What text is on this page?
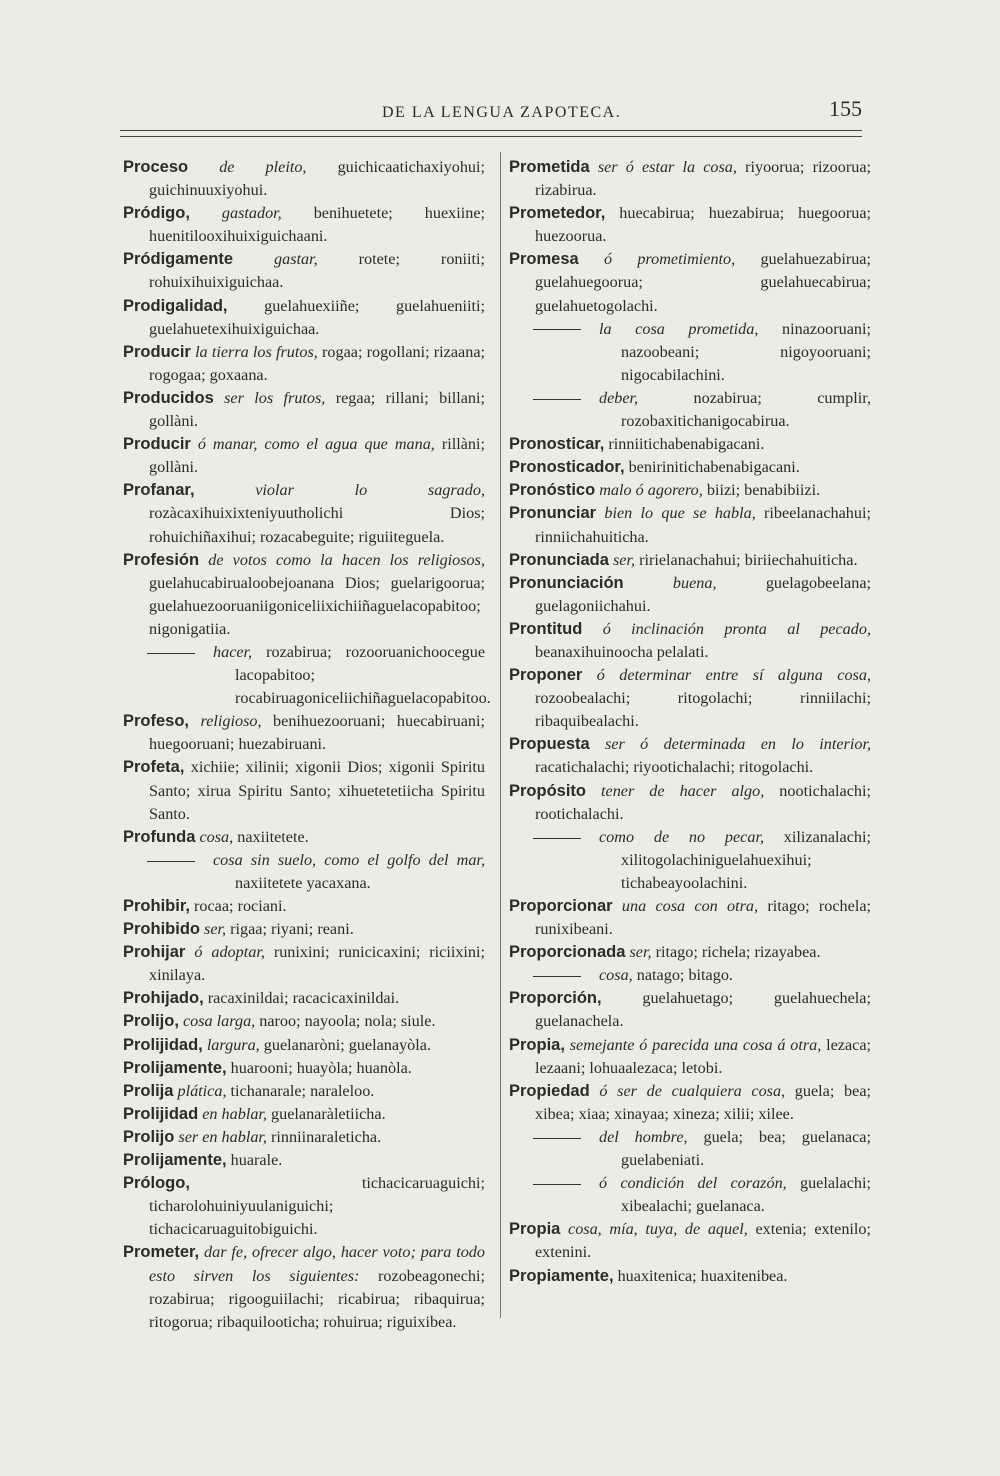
DE LA LENGUA ZAPOTECA.	155

Proceso de pleito, guichicaatichaxiyohui; guichinuuxiyohui.

Pródigo, gastador, benihuetete; huexiine; huenitilooxihuixiguichaani.

Pródigamente	gastar, rotete; roniiti; rohuixihuixiguichaa.

Prodigalidad, guelahuexiiñe; guelahueniiti; guelahuetexihuixiguichaa.

Producir la tierra los frutos, rogaa; rogollani; rizaana; rogogaa; goxaana.

Producidos ser los frutos, regaa; rillani; billani; gollàni.

Producir ó manar, como el agua que mana, rillàni; gollàni.

Profanar,	violar lo sagrado, rozàcaxihuixixteniyuutholichi Dios; rohuichiñaxihui; rozacabeguite; riguiiteguela.

Profesión de votos como la hacen los religiosos, guelahucabirualoobejoanana Dios; guelarigoorua; guelahuezooruaniigoniceliixichiiñaguelacopabitoo; nigonigatiia.

hacer, rozabirua; rozooruanichoocegue lacopabitoo; rocabiruagoniceliichiñaguelacopabitoo.

Profeso, religioso, benihuezooruani; huecabiruani; huegooruani; huezabiruani.

Profeta, xichiie; xilinii; xigonii Dios; xigonii Spiritu Santo; xirua Spiritu Santo; xihuetetetiicha Spiritu Santo.

Profunda cosa, naxiitetete.

cosa sin suelo, como el golfo del mar, naxiitetete yacaxana.

Prohibir, rocaa; rociani.

Prohibido ser, rigaa; riyani; reani.

Prohijar ó adoptar, runixini; runicicaxini; riciixini; xinilaya.

Prohijado, racaxinildai; racacicaxinildai.

Prolijo, cosa larga, naroo; nayoola; nola; siule.

Prolijidad, largura, guelanaròni; guelanayòla.

Prolijamente, huarooni; huayòla; huanòla.

Prolija plática, tichanarale; naraleloo.

Prolijidad en hablar, guelanaràletiicha.

Prolijo ser en hablar, rinniinaraleticha.

Prolijamente, huarale.

Prólogo,	tichacicaruaguichi; ticharolohuiniyuulaniguichi; tichacicaruaguitobiguichi.

Prometer, dar fe, ofrecer algo, hacer voto; para todo esto sirven los siguientes: rozobeagonechi; rozabirua; rigooguiilachi; ricabirua; ribaquirua; ritogorua; ribaquilooticha; rohuirua; riguixibea.

Prometida ser ó estar la cosa, riyoorua; rizoorua; rizabirua.

Prometedor, huecabirua; huezabirua; huegoorua; huezoorua.

Promesa ó prometimiento, guelahuezabirua; guelahuegoorua; guelahuecabirua; guelahuetogolachi.

la cosa prometida, ninazooruani; nazoobeani; nigoyooruani; nigocabilachini.

deber, nozabirua; cumplir, rozobaxitichanigocabirua.

Pronosticar, rinniitichabenabigacani.

Pronosticador, benirinitichabenabigacani.

Pronóstico malo ó agorero, biizi; benabibiizi.

Pronunciar bien lo que se habla, ribeelanachahui; rinniichahuiticha.

Pronunciada ser, ririelanachahui; biriiechahuiticha.

Pronunciación	buena, guelagobeelana; guelagoniichahui.

Prontitud ó inclinación pronta al pecado, beanaxihuinoocha pelalati.

Proponer ó determinar entre sí alguna cosa, rozoobealachi; ritogolachi; rinniilachi; ribaquibealachi.

Propuesta ser ó determinada en lo interior, racatichalachi; riyootichalachi; ritogolachi.

Propósito tener de hacer algo, nootichalachi; rootichalachi.

como de no pecar, xilizanalachi; xilitogolachiniguelahuexihui; tichabeayoolachini.

Proporcionar una cosa con otra, ritago; rochela; runixibeani.

Proporcionada ser, ritago; richela; rizayabea.

cosa, natago; bitago.

Proporción,	guelahuetago; guelahuechela; guelanachela.

Propia, semejante ó parecida una cosa á otra, lezaca; lezaani; lohuaalezaca; letobi.

Propiedad ó ser de cualquiera cosa, guela; bea; xibea; xiaa; xinayaa; xineza; xilii; xilee.

del hombre, guela; bea; guelanaca; guelabeniati.

ó condición del corazón, guelalachi; xibealachi; guelanaca.

Propia cosa, mía, tuya, de aquel, extenia; extenilo; extenini.

Propiamente, huaxitenica; huaxitenibea.
